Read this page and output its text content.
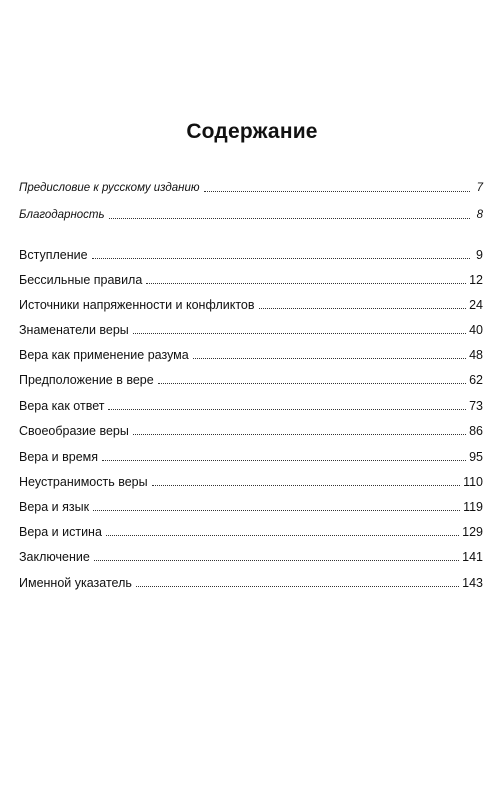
Содержание
Предисловие к русскому изданию	7
Благодарность	8
Вступление	9
Бессильные правила	12
Источники напряженности и конфликтов	24
Знаменатели веры	40
Вера как применение разума	48
Предположение в вере	62
Вера как ответ	73
Своеобразие веры	86
Вера и время	95
Неустранимость веры	110
Вера и язык	119
Вера и истина	129
Заключение	141
Именной указатель	143
